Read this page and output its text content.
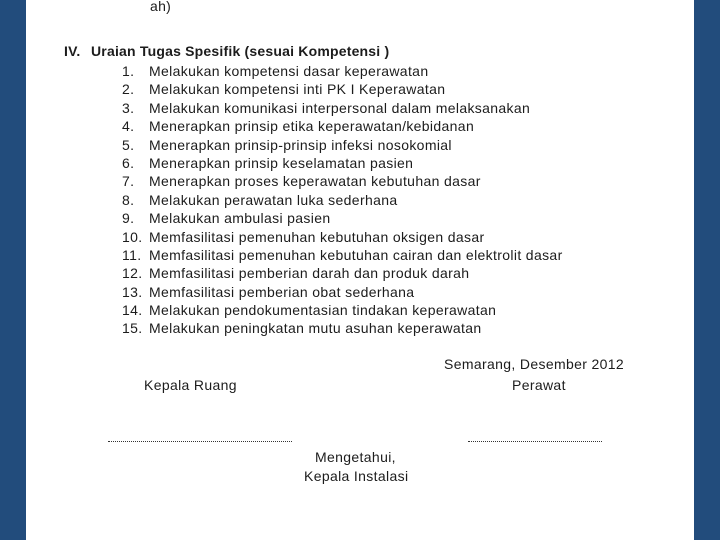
ah)
IV. Uraian Tugas Spesifik (sesuai Kompetensi )
1. Melakukan kompetensi dasar keperawatan
2. Melakukan kompetensi inti PK I Keperawatan
3. Melakukan komunikasi interpersonal dalam melaksanakan
4. Menerapkan prinsip etika keperawatan/kebidanan
5. Menerapkan prinsip-prinsip infeksi nosokomial
6. Menerapkan prinsip keselamatan pasien
7. Menerapkan proses keperawatan kebutuhan dasar
8. Melakukan perawatan luka sederhana
9. Melakukan ambulasi pasien
10. Memfasilitasi pemenuhan kebutuhan oksigen dasar
11. Memfasilitasi pemenuhan kebutuhan cairan dan elektrolit dasar
12. Memfasilitasi pemberian darah dan produk darah
13. Memfasilitasi pemberian obat sederhana
14. Melakukan pendokumentasian tindakan keperawatan
15. Melakukan peningkatan mutu asuhan keperawatan
Semarang, Desember 2012
Kepala Ruang	Perawat
Mengetahui,
Kepala Instalasi
